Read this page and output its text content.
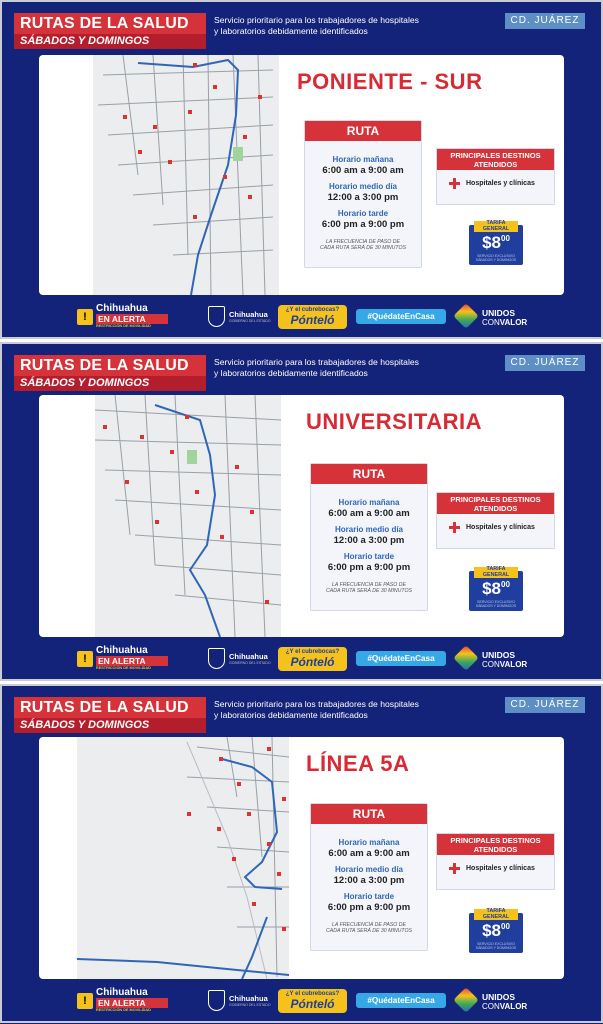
RUTAS DE LA SALUD
SÁBADOS Y DOMINGOS
Servicio prioritario para los trabajadores de hospitales
y laboratorios debidamente identificados
CD. JUÁREZ
PONIENTE - SUR
RUTA
Horario mañana
6:00 am a 9:00 am
Horario medio día
12:00 a 3:00 pm
Horario tarde
6:00 pm a 9:00 pm
LA FRECUENCIA DE PASO DE CADA RUTA SERÁ DE 30 MINUTOS
PRINCIPALES DESTINOS ATENDIDOS
Hospitales y clínicas
TARIFA GENERAL
$\$8^{00}$
SERVICIO EXCLUSIVO SÁBADOS Y DOMINGOS
!
Chihuahua
EN ALERTA
RESTRICCIÓN DE MOVILIDAD
Chihuahua
GOBIERNO DEL ESTADO
¿Y el cubrebocas?
Pónteló	#QuédateEnCasa	UNIDOS
CONVALOR
RUTAS DE LA SALUD
SÁBADOS Y DOMINGOS
Servicio prioritario para los trabajadores de hospitales
y laboratorios debidamente identificados
CD. JUÁREZ
UNIVERSITARIA
RUTA
Horario mañana
6:00 am a 9:00 am
Horario medio día
12:00 a 3:00 pm
Horario tarde
6:00 pm a 9:00 pm
LA FRECUENCIA DE PASO DE CADA RUTA SERÁ DE 30 MINUTOS
PRINCIPALES DESTINOS ATENDIDOS
Hospitales y clínicas
TARIFA GENERAL
$\$8^{00}$
SERVICIO EXCLUSIVO SÁBADOS Y DOMINGOS
!
Chihuahua
EN ALERTA
RESTRICCIÓN DE MOVILIDAD
Chihuahua
GOBIERNO DEL ESTADO
¿Y el cubrebocas?
Pónteló	#QuédateEnCasa	UNIDOS
CONVALOR
RUTAS DE LA SALUD
SÁBADOS Y DOMINGOS
Servicio prioritario para los trabajadores de hospitales
y laboratorios debidamente identificados
CD. JUÁREZ
LÍNEA 5A
RUTA
Horario mañana
6:00 am a 9:00 am
Horario medio día
12:00 a 3:00 pm
Horario tarde
6:00 pm a 9:00 pm
LA FRECUENCIA DE PASO DE CADA RUTA SERÁ DE 30 MINUTOS
PRINCIPALES DESTINOS ATENDIDOS
Hospitales y clínicas
TARIFA GENERAL
$\$8^{00}$
SERVICIO EXCLUSIVO SÁBADOS Y DOMINGOS
!
Chihuahua
EN ALERTA
RESTRICCIÓN DE MOVILIDAD
Chihuahua
GOBIERNO DEL ESTADO
¿Y el cubrebocas?
Pónteló	#QuédateEnCasa	UNIDOS
CONVALOR
